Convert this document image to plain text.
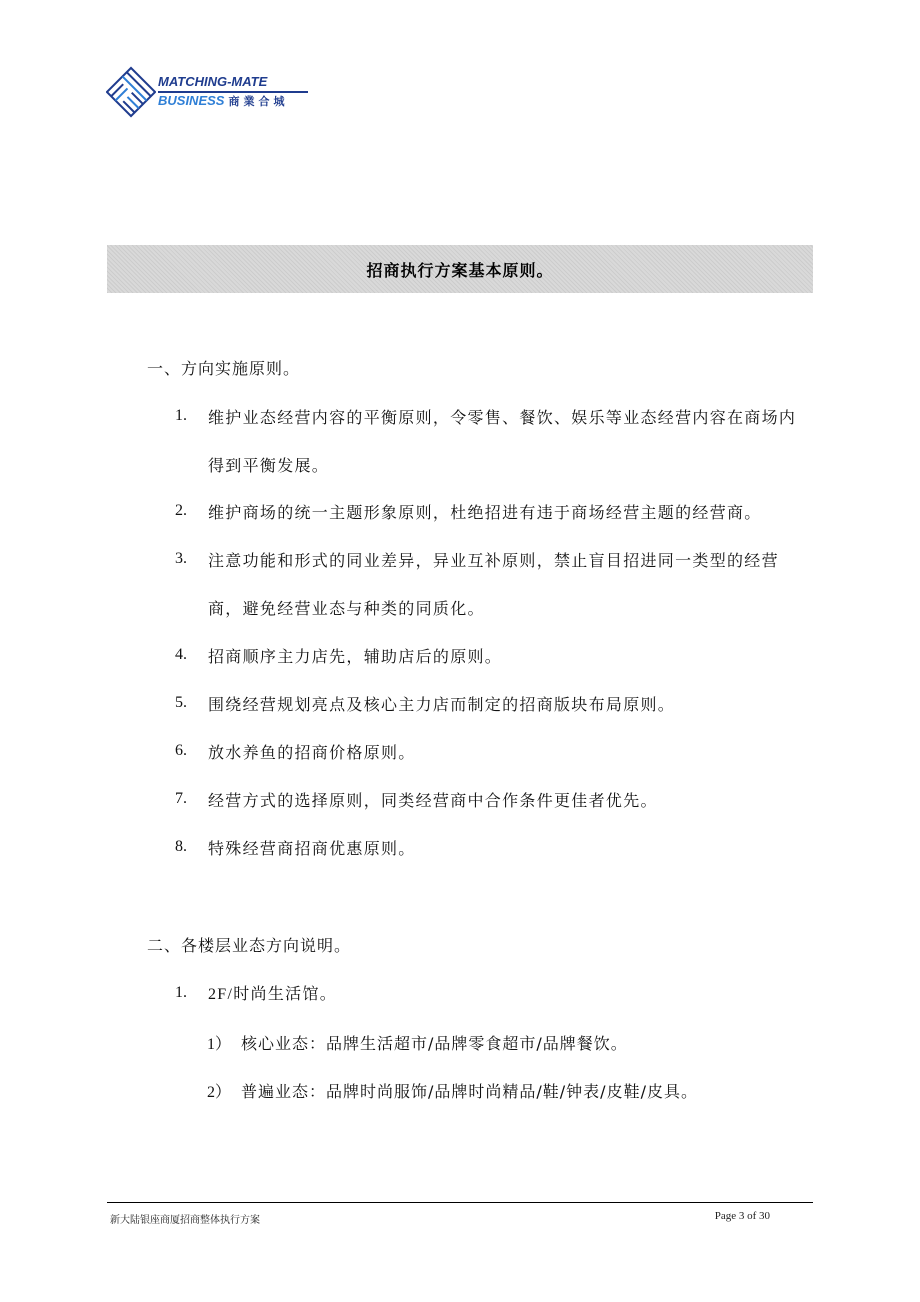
MATCHING-MATE
BUSINESS 商業合城
招商执行方案基本原则。
一、方向实施原则。
1.	维护业态经营内容的平衡原则，令零售、餐饮、娱乐等业态经营内容在商场内得到平衡发展。
2.	维护商场的统一主题形象原则，杜绝招进有违于商场经营主题的经营商。
3.	注意功能和形式的同业差异，异业互补原则，禁止盲目招进同一类型的经营商，避免经营业态与种类的同质化。
4.	招商顺序主力店先，辅助店后的原则。
5.	围绕经营规划亮点及核心主力店而制定的招商版块布局原则。
6.	放水养鱼的招商价格原则。
7.	经营方式的选择原则，同类经营商中合作条件更佳者优先。
8.	特殊经营商招商优惠原则。
二、各楼层业态方向说明。
1.	2F/时尚生活馆。
1） 核心业态：品牌生活超市/品牌零食超市/品牌餐饮。
2） 普遍业态：品牌时尚服饰/品牌时尚精品/鞋/钟表/皮鞋/皮具。
新大陆银座商厦招商整体执行方案	Page 3 of 30
